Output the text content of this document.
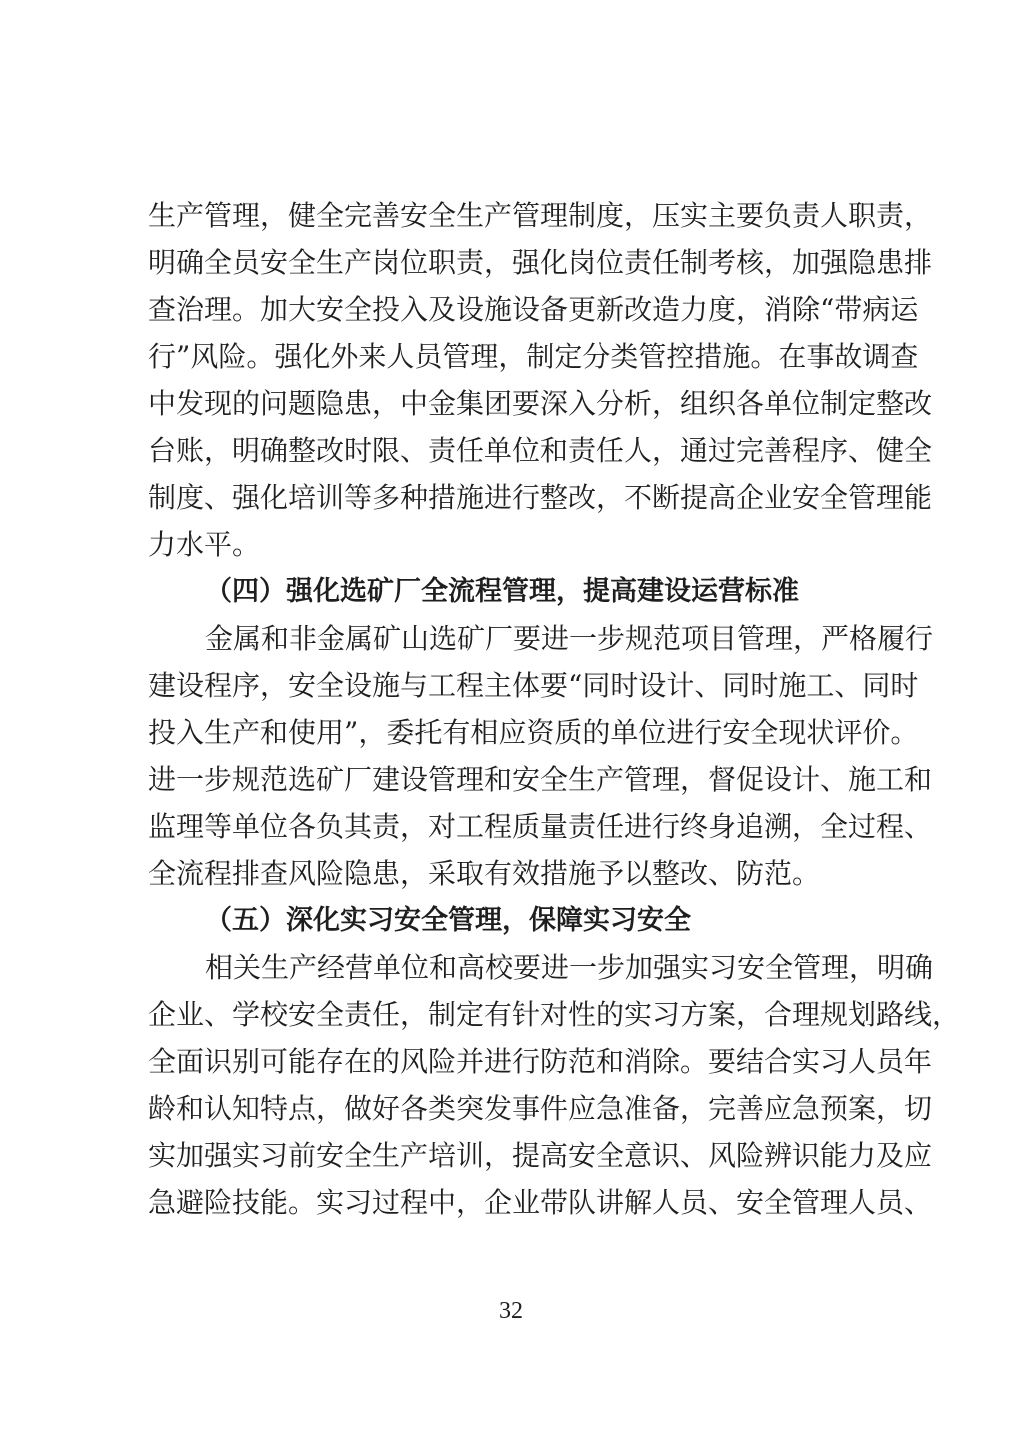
生产管理，健全完善安全生产管理制度，压实主要负责人职责，
明确全员安全生产岗位职责，强化岗位责任制考核，加强隐患排
查治理。加大安全投入及设施设备更新改造力度，消除“带病运
行”风险。强化外来人员管理，制定分类管控措施。在事故调查
中发现的问题隐患，中金集团要深入分析，组织各单位制定整改
台账，明确整改时限、责任单位和责任人，通过完善程序、健全
制度、强化培训等多种措施进行整改，不断提高企业安全管理能
力水平。
（四）强化选矿厂全流程管理，提高建设运营标准
金属和非金属矿山选矿厂要进一步规范项目管理，严格履行
建设程序，安全设施与工程主体要“同时设计、同时施工、同时
投入生产和使用”，委托有相应资质的单位进行安全现状评价。
进一步规范选矿厂建设管理和安全生产管理，督促设计、施工和
监理等单位各负其责，对工程质量责任进行终身追溯，全过程、
全流程排查风险隐患，采取有效措施予以整改、防范。
（五）深化实习安全管理，保障实习安全
相关生产经营单位和高校要进一步加强实习安全管理，明确
企业、学校安全责任，制定有针对性的实习方案，合理规划路线，
全面识别可能存在的风险并进行防范和消除。要结合实习人员年
龄和认知特点，做好各类突发事件应急准备，完善应急预案，切
实加强实习前安全生产培训，提高安全意识、风险辨识能力及应
急避险技能。实习过程中，企业带队讲解人员、安全管理人员、
32
